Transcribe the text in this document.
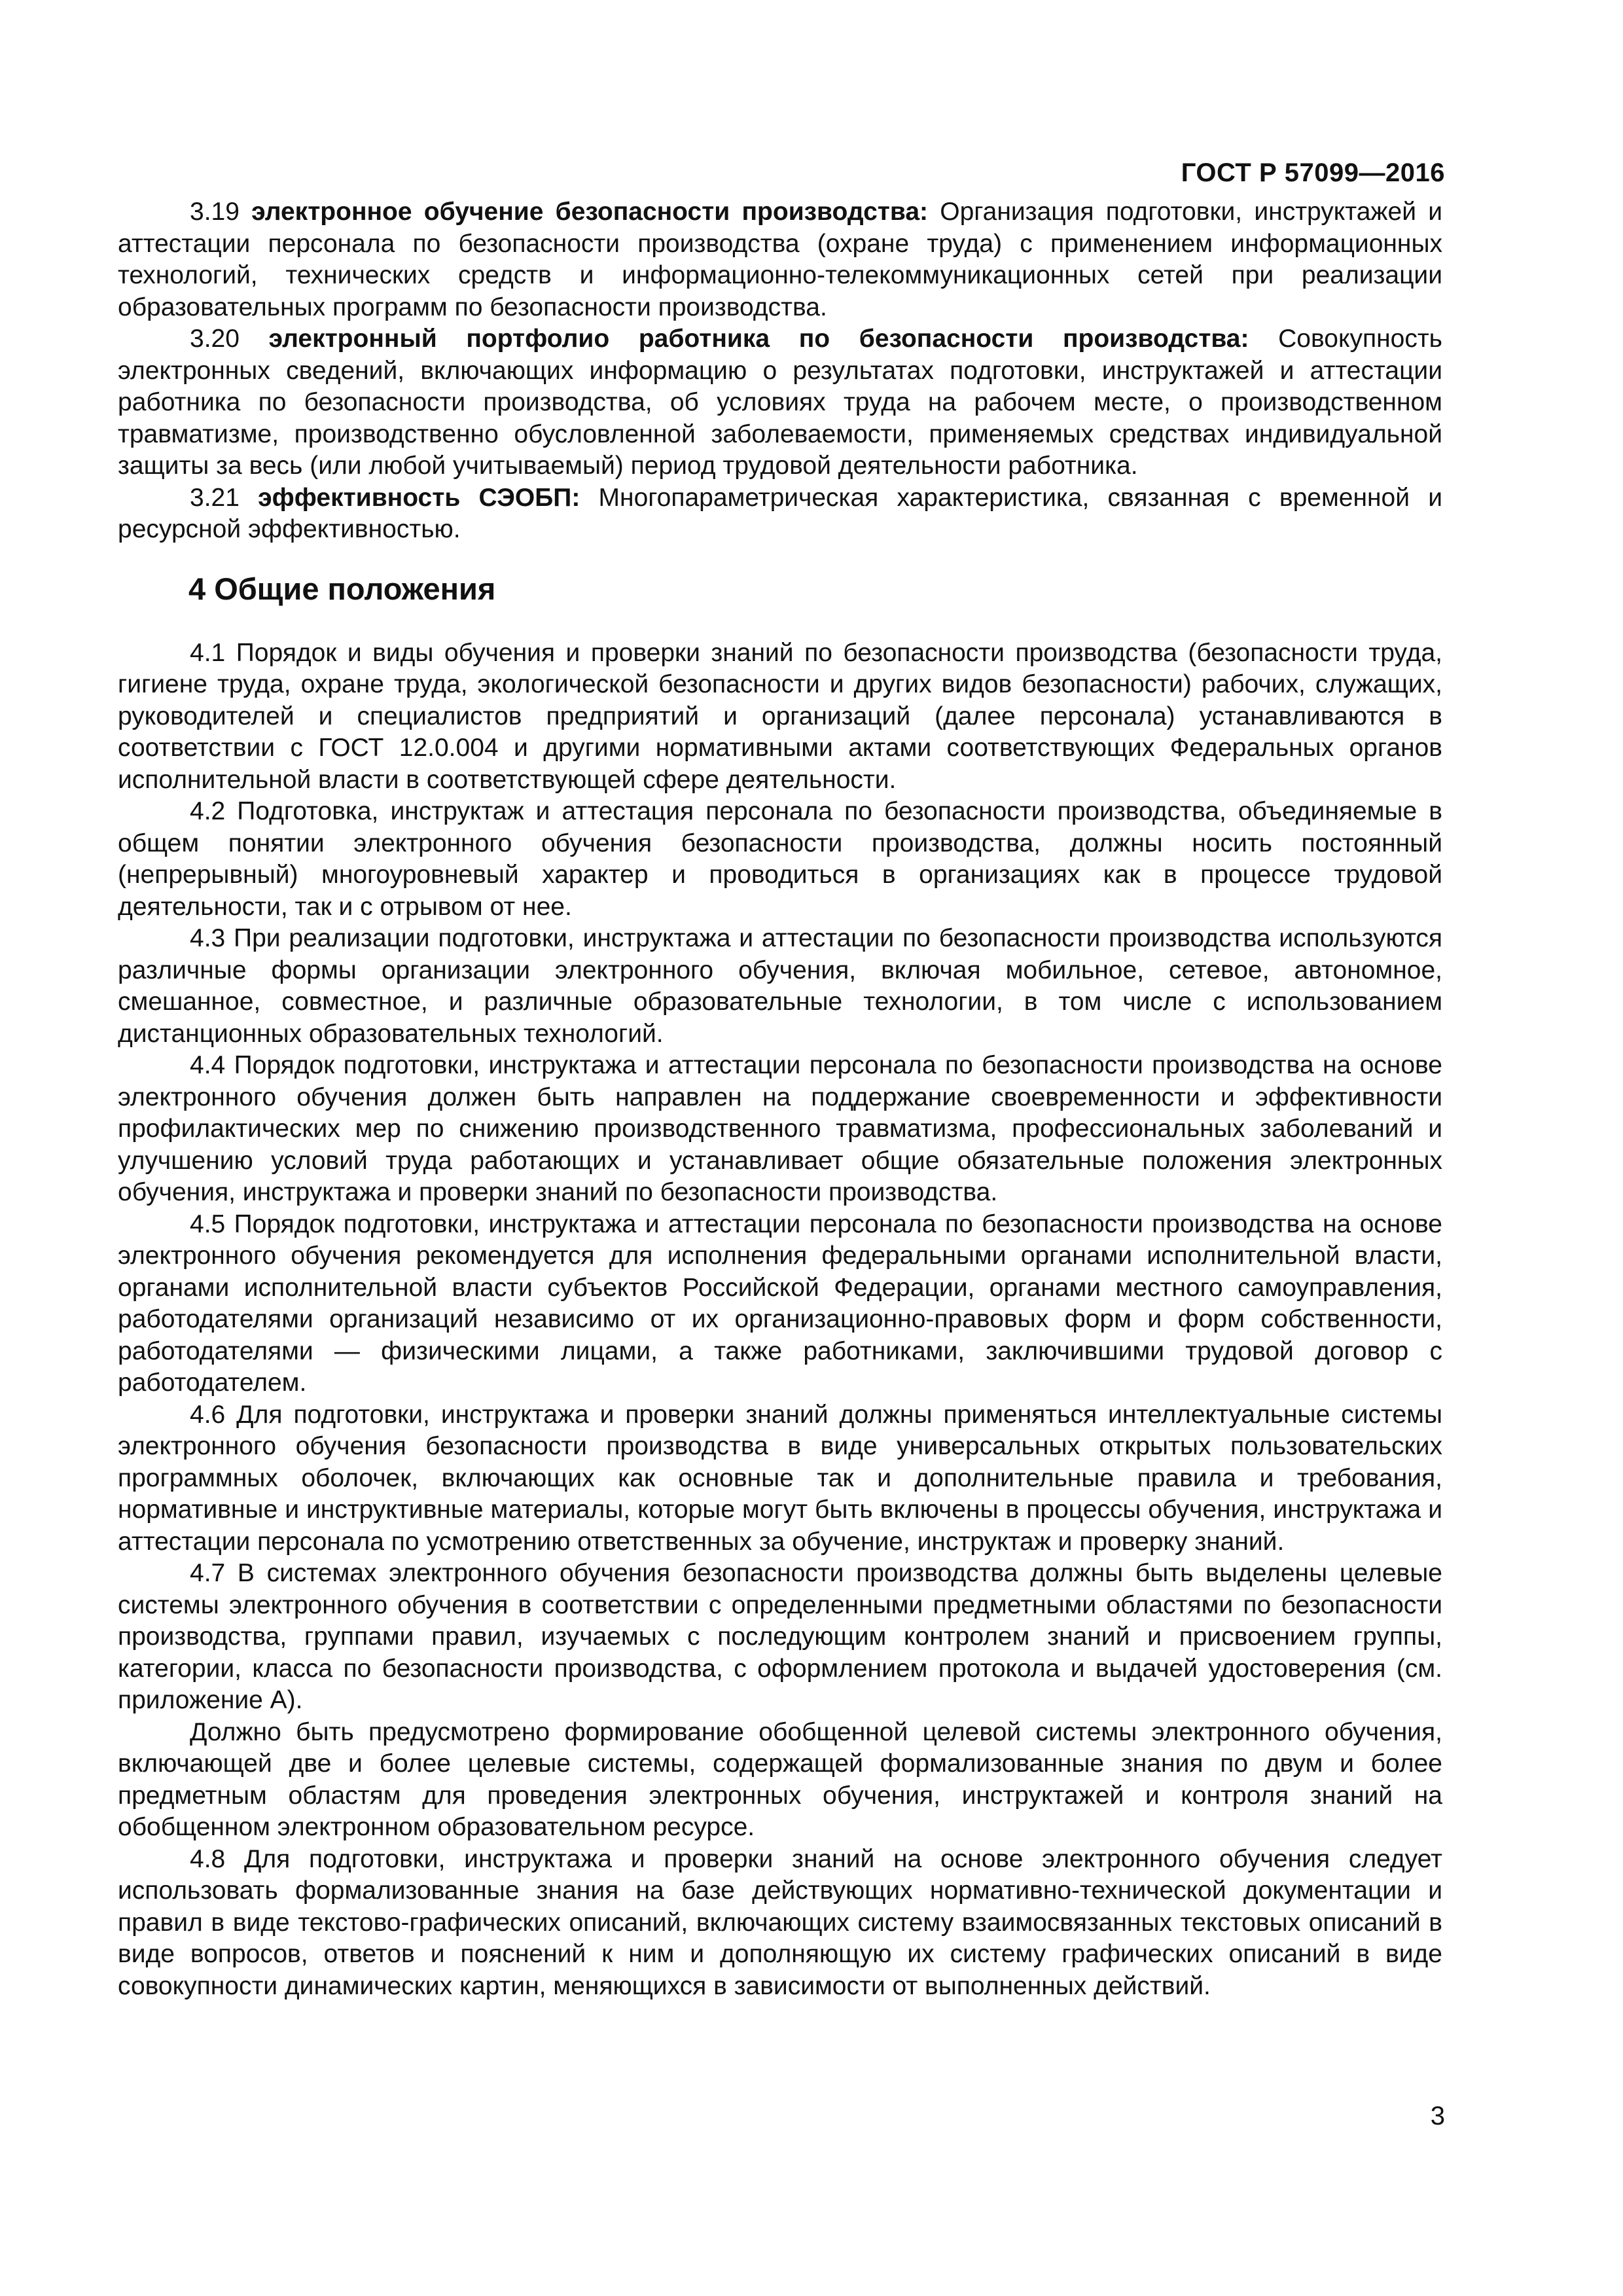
ГОСТ Р 57099—2016

3.19 электронное обучение безопасности производства: Организация подготовки, инструктажей и аттестации персонала по безопасности производства (охране труда) с применением информационных технологий, технических средств и информационно-телекоммуникационных сетей при реализации образовательных программ по безопасности производства.

3.20 электронный портфолио работника по безопасности производства: Совокупность электронных сведений, включающих информацию о результатах подготовки, инструктажей и аттестации работника по безопасности производства, об условиях труда на рабочем месте, о производственном травматизме, производственно обусловленной заболеваемости, применяемых средствах индивидуальной защиты за весь (или любой учитываемый) период трудовой деятельности работника.

3.21 эффективность СЭОБП: Многопараметрическая характеристика, связанная с временной и ресурсной эффективностью.

4 Общие положения

4.1 Порядок и виды обучения и проверки знаний по безопасности производства (безопасности труда, гигиене труда, охране труда, экологической безопасности и других видов безопасности) рабочих, служащих, руководителей и специалистов предприятий и организаций (далее персонала) устанавливаются в соответствии с ГОСТ 12.0.004 и другими нормативными актами соответствующих Федеральных органов исполнительной власти в соответствующей сфере деятельности.

4.2 Подготовка, инструктаж и аттестация персонала по безопасности производства, объединяемые в общем понятии электронного обучения безопасности производства, должны носить постоянный (непрерывный) многоуровневый характер и проводиться в организациях как в процессе трудовой деятельности, так и с отрывом от нее.

4.3 При реализации подготовки, инструктажа и аттестации по безопасности производства используются различные формы организации электронного обучения, включая мобильное, сетевое, автономное, смешанное, совместное, и различные образовательные технологии, в том числе с использованием дистанционных образовательных технологий.

4.4 Порядок подготовки, инструктажа и аттестации персонала по безопасности производства на основе электронного обучения должен быть направлен на поддержание своевременности и эффективности профилактических мер по снижению производственного травматизма, профессиональных заболеваний и улучшению условий труда работающих и устанавливает общие обязательные положения электронных обучения, инструктажа и проверки знаний по безопасности производства.

4.5 Порядок подготовки, инструктажа и аттестации персонала по безопасности производства на основе электронного обучения рекомендуется для исполнения федеральными органами исполнительной власти, органами исполнительной власти субъектов Российской Федерации, органами местного самоуправления, работодателями организаций независимо от их организационно-правовых форм и форм собственности, работодателями — физическими лицами, а также работниками, заключившими трудовой договор с работодателем.

4.6 Для подготовки, инструктажа и проверки знаний должны применяться интеллектуальные системы электронного обучения безопасности производства в виде универсальных открытых пользовательских программных оболочек, включающих как основные так и дополнительные правила и требования, нормативные и инструктивные материалы, которые могут быть включены в процессы обучения, инструктажа и аттестации персонала по усмотрению ответственных за обучение, инструктаж и проверку знаний.

4.7 В системах электронного обучения безопасности производства должны быть выделены целевые системы электронного обучения в соответствии с определенными предметными областями по безопасности производства, группами правил, изучаемых с последующим контролем знаний и присвоением группы, категории, класса по безопасности производства, с оформлением протокола и выдачей удостоверения (см. приложение А).

Должно быть предусмотрено формирование обобщенной целевой системы электронного обучения, включающей две и более целевые системы, содержащей формализованные знания по двум и более предметным областям для проведения электронных обучения, инструктажей и контроля знаний на обобщенном электронном образовательном ресурсе.

4.8 Для подготовки, инструктажа и проверки знаний на основе электронного обучения следует использовать формализованные знания на базе действующих нормативно-технической документации и правил в виде текстово-графических описаний, включающих систему взаимосвязанных текстовых описаний в виде вопросов, ответов и пояснений к ним и дополняющую их систему графических описаний в виде совокупности динамических картин, меняющихся в зависимости от выполненных действий.

3
